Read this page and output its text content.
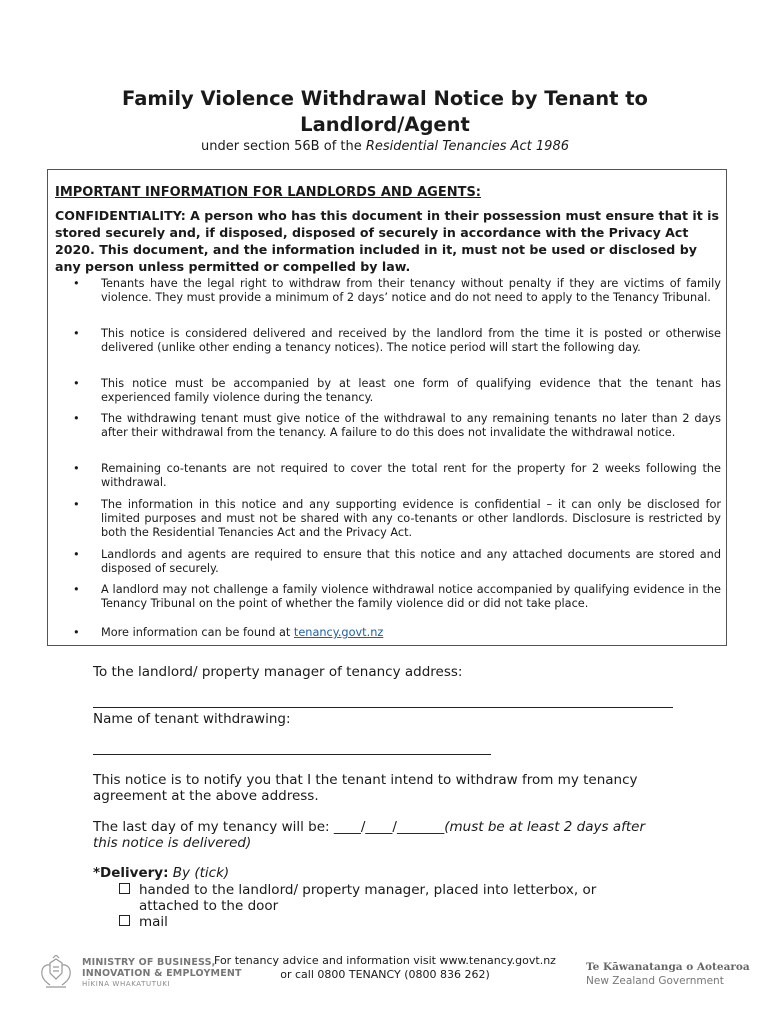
Family Violence Withdrawal Notice by Tenant to
Landlord/Agent
under section 56B of the Residential Tenancies Act 1986
IMPORTANT INFORMATION FOR LANDLORDS AND AGENTS:
CONFIDENTIALITY: A person who has this document in their possession must ensure that it is stored securely and, if disposed, disposed of securely in accordance with the Privacy Act 2020. This document, and the information included in it, must not be used or disclosed by any person unless permitted or compelled by law.
• Tenants have the legal right to withdraw from their tenancy without penalty if they are victims of family violence. They must provide a minimum of 2 days’ notice and do not need to apply to the Tenancy Tribunal.
• This notice is considered delivered and received by the landlord from the time it is posted or otherwise delivered (unlike other ending a tenancy notices). The notice period will start the following day.
• This notice must be accompanied by at least one form of qualifying evidence that the tenant has experienced family violence during the tenancy.
• The withdrawing tenant must give notice of the withdrawal to any remaining tenants no later than 2 days after their withdrawal from the tenancy. A failure to do this does not invalidate the withdrawal notice.
• Remaining co-tenants are not required to cover the total rent for the property for 2 weeks following the withdrawal.
• The information in this notice and any supporting evidence is confidential – it can only be disclosed for limited purposes and must not be shared with any co-tenants or other landlords. Disclosure is restricted by both the Residential Tenancies Act and the Privacy Act.
• Landlords and agents are required to ensure that this notice and any attached documents are stored and disposed of securely.
• A landlord may not challenge a family violence withdrawal notice accompanied by qualifying evidence in the Tenancy Tribunal on the point of whether the family violence did or did not take place.
• More information can be found at tenancy.govt.nz
To the landlord/ property manager of tenancy address:
Name of tenant withdrawing:
This notice is to notify you that I the tenant intend to withdraw from my tenancy agreement at the above address.
The last day of my tenancy will be: ____/____/_______(must be at least 2 days after this notice is delivered)
*Delivery: By (tick)
handed to the landlord/ property manager, placed into letterbox, or attached to the door
mail
MINISTRY OF BUSINESS,
INNOVATION & EMPLOYMENT
HĪKINA WHAKATUTUKI
For tenancy advice and information visit www.tenancy.govt.nz
or call 0800 TENANCY (0800 836 262)
Te Kāwanatanga o Aotearoa
New Zealand Government
